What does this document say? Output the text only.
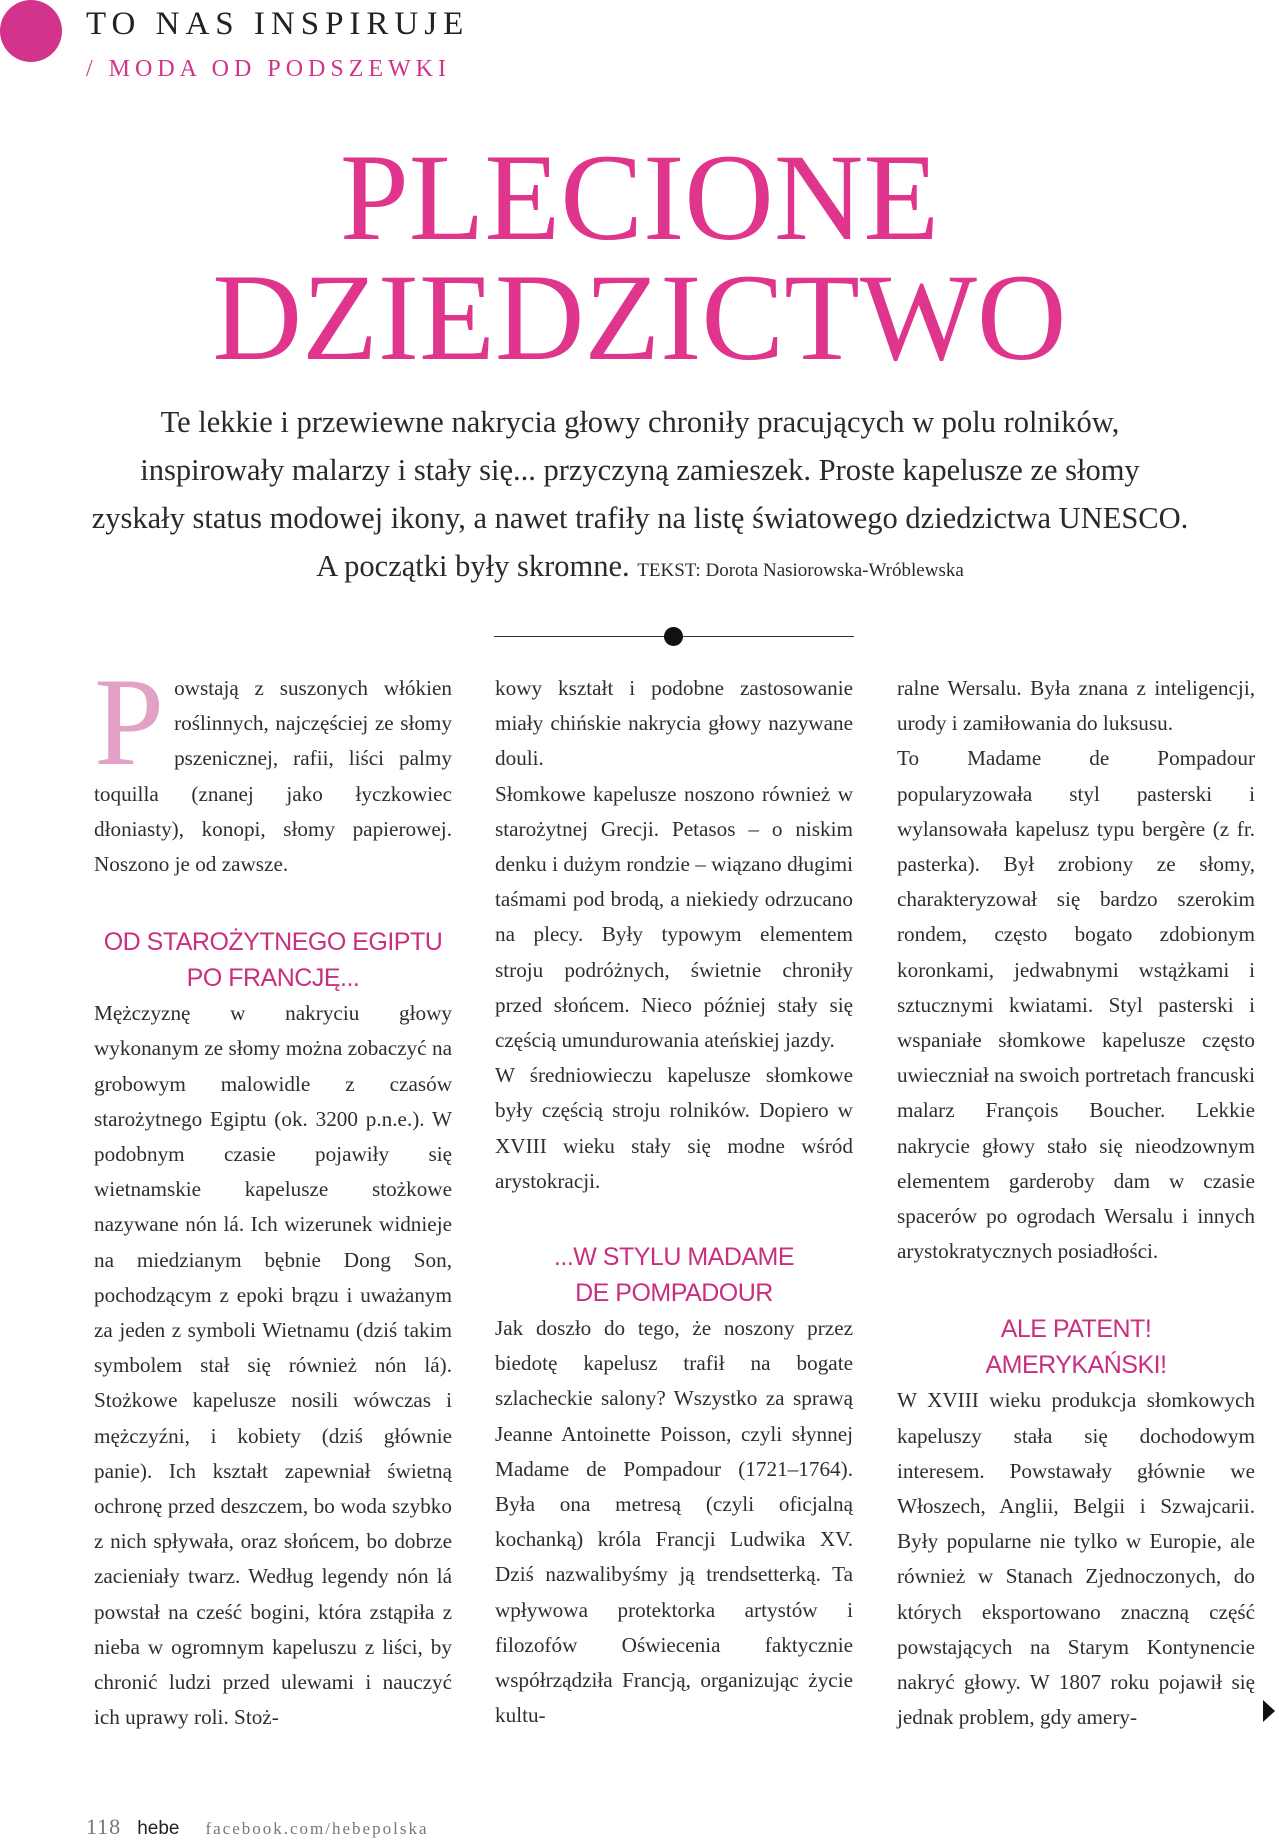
TO NAS INSPIRUJE
/ MODA OD PODSZEWKI
PLECIONE
DZIEDZICTWO

Te lekkie i przewiewne nakrycia głowy chroniły pracujących w polu rolników, inspirowały malarzy i stały się... przyczyną zamieszek. Proste kapelusze ze słomy zyskały status modowej ikony, a nawet trafiły na listę światowego dziedzictwa UNESCO. A początki były skromne. TEKST: Dorota Nasiorowska-Wróblewska

Powstają z suszonych włókien roślinnych, najczęściej ze słomy pszenicznej, rafii, liści palmy toquilla (znanej jako łyczkowiec dłoniasty), konopi, słomy papierowej. Noszono je od zawsze.

OD STAROŻYTNEGO EGIPTU
PO FRANCJĘ...

Mężczyznę w nakryciu głowy wykonanym ze słomy można zobaczyć na grobowym malowidle z czasów starożytnego Egiptu (ok. 3200 p.n.e.). W podobnym czasie pojawiły się wietnamskie kapelusze stożkowe nazywane nón lá. Ich wizerunek widnieje na miedzianym bębnie Dong Son, pochodzącym z epoki brązu i uważanym za jeden z symboli Wietnamu (dziś takim symbolem stał się również nón lá). Stożkowe kapelusze nosili wówczas i mężczyźni, i kobiety (dziś głównie panie). Ich kształt zapewniał świetną ochronę przed deszczem, bo woda szybko z nich spływała, oraz słońcem, bo dobrze zacieniały twarz. Według legendy nón lá powstał na cześć bogini, która zstąpiła z nieba w ogromnym kapeluszu z liści, by chronić ludzi przed ulewami i nauczyć ich uprawy roli. Stoż-

kowy kształt i podobne zastosowanie miały chińskie nakrycia głowy nazywane douli.

Słomkowe kapelusze noszono również w starożytnej Grecji. Petasos – o niskim denku i dużym rondzie – wiązano długimi taśmami pod brodą, a niekiedy odrzucano na plecy. Były typowym elementem stroju podróżnych, świetnie chroniły przed słońcem. Nieco później stały się częścią umundurowania ateńskiej jazdy.

W średniowieczu kapelusze słomkowe były częścią stroju rolników. Dopiero w XVIII wieku stały się modne wśród arystokracji.

...W STYLU MADAME
DE POMPADOUR

Jak doszło do tego, że noszony przez biedotę kapelusz trafił na bogate szlacheckie salony? Wszystko za sprawą Jeanne Antoinette Poisson, czyli słynnej Madame de Pompadour (1721–1764). Była ona metresą (czyli oficjalną kochanką) króla Francji Ludwika XV. Dziś nazwalibyśmy ją trendsetterką. Ta wpływowa protektorka artystów i filozofów Oświecenia faktycznie współrządziła Francją, organizując życie kultu-

ralne Wersalu. Była znana z inteligencji, urody i zamiłowania do luksusu.

To Madame de Pompadour popularyzowała styl pasterski i wylansowała kapelusz typu bergère (z fr. pasterka). Był zrobiony ze słomy, charakteryzował się bardzo szerokim rondem, często bogato zdobionym koronkami, jedwabnymi wstążkami i sztucznymi kwiatami. Styl pasterski i wspaniałe słomkowe kapelusze często uwieczniał na swoich portretach francuski malarz François Boucher. Lekkie nakrycie głowy stało się nieodzownym elementem garderoby dam w czasie spacerów po ogrodach Wersalu i innych arystokratycznych posiadłości.

ALE PATENT!
AMERYKAŃSKI!

W XVIII wieku produkcja słomkowych kapeluszy stała się dochodowym interesem. Powstawały głównie we Włoszech, Anglii, Belgii i Szwajcarii. Były popularne nie tylko w Europie, ale również w Stanach Zjednoczonych, do których eksportowano znaczną część powstających na Starym Kontynencie nakryć głowy. W 1807 roku pojawił się jednak problem, gdy amery-

118 hebe facebook.com/hebepolska
